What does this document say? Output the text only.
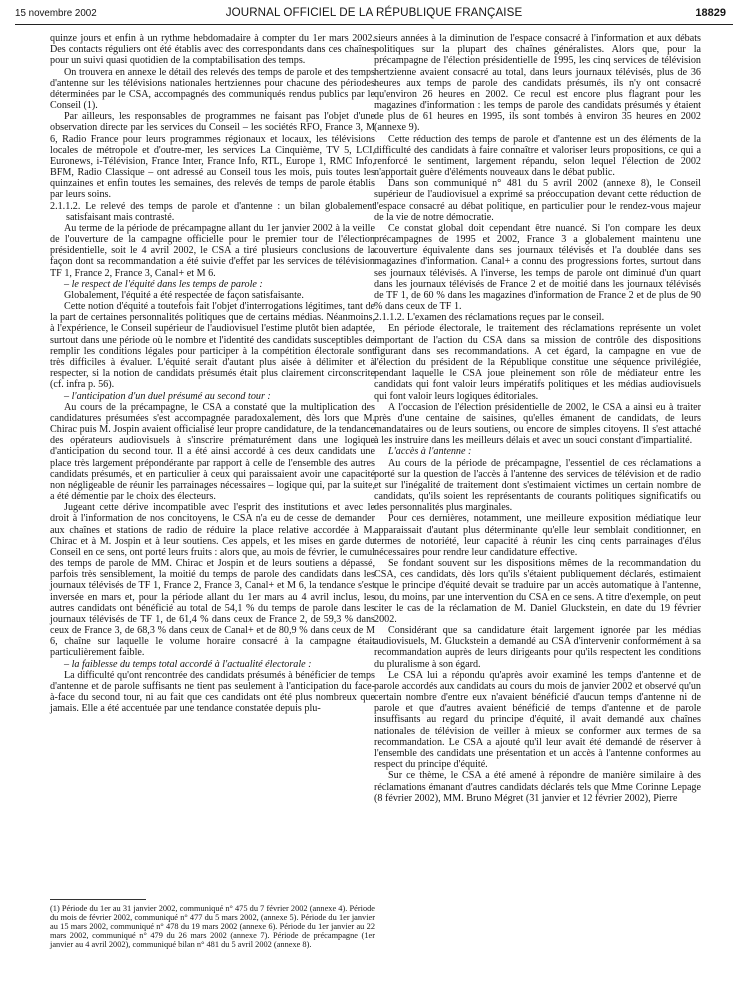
15 novembre 2002	JOURNAL OFFICIEL DE LA RÉPUBLIQUE FRANÇAISE	18829

quinze jours et enfin à un rythme hebdomadaire à compter du 1er mars 2002. Des contacts réguliers ont été établis avec des correspondants dans ces chaînes pour un suivi quasi quotidien de la comptabilisation des temps.

On trouvera en annexe le détail des relevés des temps de parole et des temps d'antenne sur les télévisions nationales hertziennes pour chacune des périodes déterminées par le CSA, accompagnés des communiqués rendus publics par le Conseil (1).

Par ailleurs, les responsables de programmes ne faisant pas l'objet d'une observation directe par les services du Conseil – les sociétés RFO, France 3, M 6, Radio France pour leurs programmes régionaux et locaux, les télévisions locales de métropole et d'outre-mer, les services La Cinquième, TV 5, LCI, Euronews, i-Télévision, France Inter, France Info, RTL, Europe 1, RMC Info, BFM, Radio Classique – ont adressé au Conseil tous les mois, puis toutes les quinzaines et enfin toutes les semaines, des relevés de temps de parole établis par leurs soins.

2.1.1.2. Le relevé des temps de parole et d'antenne : un bilan globalement satisfaisant mais contrasté.

Au terme de la période de précampagne allant du 1er janvier 2002 à la veille de l'ouverture de la campagne officielle pour le premier tour de l'élection présidentielle, soit le 4 avril 2002, le CSA a tiré plusieurs conclusions de la façon dont sa recommandation a été suivie d'effet par les services de télévision TF 1, France 2, France 3, Canal+ et M 6.

– le respect de l'équité dans les temps de parole :

Globalement, l'équité a été respectée de façon satisfaisante.

Cette notion d'équité a toutefois fait l'objet d'interrogations légitimes, tant de la part de certaines personnalités politiques que de certains médias. Néanmoins, à l'expérience, le Conseil supérieur de l'audiovisuel l'estime plutôt bien adaptée, surtout dans une période où le nombre et l'identité des candidats susceptibles de remplir les conditions légales pour participer à la compétition électorale sont très difficiles à évaluer. L'équité serait d'autant plus aisée à délimiter et à respecter, si la notion de candidats présumés était plus clairement circonscrite (cf. infra p. 56).

– l'anticipation d'un duel présumé au second tour :

Au cours de la précampagne, le CSA a constaté que la multiplication des candidatures présumées s'est accompagnée paradoxalement, dès lors que M. Chirac puis M. Jospin avaient officialisé leur propre candidature, de la tendance des opérateurs audiovisuels à s'inscrire prématurément dans une logique d'anticipation du second tour. Il a été ainsi accordé à ces deux candidats une place très largement prépondérante par rapport à celle de l'ensemble des autres candidats présumés, et en particulier à ceux qui paraissaient avoir une capacité non négligeable de réunir les parrainages nécessaires – logique qui, par la suite, a été démentie par le choix des électeurs.

Jugeant cette dérive incompatible avec l'esprit des institutions et avec le droit à l'information de nos concitoyens, le CSA n'a eu de cesse de demander aux chaînes et stations de radio de réduire la place relative accordée à M. Chirac et à M. Jospin et à leur soutiens. Ces appels, et les mises en garde du Conseil en ce sens, ont porté leurs fruits : alors que, au mois de février, le cumul des temps de parole de MM. Chirac et Jospin et de leurs soutiens a dépassé, parfois très sensiblement, la moitié du temps de parole des candidats dans les journaux télévisés de TF 1, France 2, France 3, Canal+ et M 6, la tendance s'est inversée en mars et, pour la période allant du 1er mars au 4 avril inclus, les autres candidats ont bénéficié au total de 54,1 % du temps de parole dans les journaux télévisés de TF 1, de 61,4 % dans ceux de France 2, de 59,3 % dans ceux de France 3, de 68,3 % dans ceux de Canal+ et de 80,9 % dans ceux de M 6, chaîne sur laquelle le volume horaire consacré à la campagne était particulièrement faible.

– la faiblesse du temps total accordé à l'actualité électorale :

La difficulté qu'ont rencontrée des candidats présumés à bénéficier de temps d'antenne et de parole suffisants ne tient pas seulement à l'anticipation du face-à-face du second tour, ni au fait que ces candidats ont été plus nombreux que jamais. Elle a été accentuée par une tendance constatée depuis plu-

sieurs années à la diminution de l'espace consacré à l'information et aux débats politiques sur la plupart des chaînes généralistes. Alors que, pour la précampagne de l'élection présidentielle de 1995, les cinq services de télévision hertzienne avaient consacré au total, dans leurs journaux télévisés, plus de 36 heures aux temps de parole des candidats présumés, ils n'y ont consacré qu'environ 26 heures en 2002. Ce recul est encore plus flagrant pour les magazines d'information : les temps de parole des candidats présumés y étaient de plus de 61 heures en 1995, ils sont tombés à environ 35 heures en 2002 (annexe 9).

Cette réduction des temps de parole et d'antenne est un des éléments de la difficulté des candidats à faire connaître et valoriser leurs propositions, ce qui a renforcé le sentiment, largement répandu, selon lequel l'élection de 2002 n'apportait guère d'éléments nouveaux dans le débat public.

Dans son communiqué n° 481 du 5 avril 2002 (annexe 8), le Conseil supérieur de l'audiovisuel a exprimé sa préoccupation devant cette réduction de l'espace consacré au débat politique, en particulier pour le rendez-vous majeur de la vie de notre démocratie.

Ce constat global doit cependant être nuancé. Si l'on compare les deux précampagnes de 1995 et 2002, France 3 a globalement maintenu une couverture équivalente dans ses journaux télévisés et l'a doublée dans ses magazines d'information. Canal+ a connu des progressions fortes, surtout dans ses journaux télévisés. A l'inverse, les temps de parole ont diminué d'un quart dans les journaux télévisés de France 2 et de moitié dans les journaux télévisés de TF 1, de 60 % dans les magazines d'information de France 2 et de plus de 90 % dans ceux de TF 1.

2.1.1.2. L'examen des réclamations reçues par le conseil.

En période électorale, le traitement des réclamations représente un volet important de l'action du CSA dans sa mission de contrôle des dispositions figurant dans ses recommandations. A cet égard, la campagne en vue de l'élection du président de la République constitue une séquence privilégiée, pendant laquelle le CSA joue pleinement son rôle de médiateur entre les candidats qui font valoir leurs impératifs politiques et les médias audiovisuels qui font valoir leurs logiques éditoriales.

A l'occasion de l'élection présidentielle de 2002, le CSA a ainsi eu à traiter près d'une centaine de saisines, qu'elles émanent de candidats, de leurs mandataires ou de leurs soutiens, ou encore de simples citoyens. Il s'est attaché à les instruire dans les meilleurs délais et avec un souci constant d'impartialité.

L'accès à l'antenne :

Au cours de la période de précampagne, l'essentiel de ces réclamations a porté sur la question de l'accès à l'antenne des services de télévision et de radio et sur l'inégalité de traitement dont s'estimaient victimes un certain nombre de candidats, qu'ils soient les représentants de courants politiques significatifs ou des personnalités plus marginales.

Pour ces dernières, notamment, une meilleure exposition médiatique leur apparaissait d'autant plus déterminante qu'elle leur semblait conditionner, en termes de notoriété, leur capacité à réunir les cinq cents parrainages d'élus nécessaires pour rendre leur candidature effective.

Se fondant souvent sur les dispositions mêmes de la recommandation du CSA, ces candidats, dès lors qu'ils s'étaient publiquement déclarés, estimaient que le principe d'équité devait se traduire par un accès automatique à l'antenne, ou, du moins, par une intervention du CSA en ce sens. A titre d'exemple, on peut citer le cas de la réclamation de M. Daniel Gluckstein, en date du 19 février 2002.

Considérant que sa candidature était largement ignorée par les médias audiovisuels, M. Gluckstein a demandé au CSA d'intervenir conformément à sa recommandation auprès de leurs dirigeants pour qu'ils respectent les conditions du pluralisme à son égard.

Le CSA lui a répondu qu'après avoir examiné les temps d'antenne et de parole accordés aux candidats au cours du mois de janvier 2002 et observé qu'un certain nombre d'entre eux n'avaient bénéficié d'aucun temps d'antenne ni de parole et que d'autres avaient bénéficié de temps d'antenne et de parole insuffisants au regard du principe d'équité, il avait demandé aux chaînes nationales de télévision de veiller à mieux se conformer aux termes de sa recommandation. Le CSA a ajouté qu'il leur avait été demandé de réserver à l'ensemble des candidats une présentation et un accès à l'antenne conformes au respect du principe d'équité.

Sur ce thème, le CSA a été amené à répondre de manière similaire à des réclamations émanant d'autres candidats déclarés tels que Mme Corinne Lepage (8 février 2002), MM. Bruno Mégret (31 janvier et 12 février 2002), Pierre

(1) Période du 1er au 31 janvier 2002, communiqué n° 475 du 7 février 2002 (annexe 4). Période du mois de février 2002, communiqué n° 477 du 5 mars 2002, (annexe 5). Période du 1er janvier au 15 mars 2002, communiqué n° 478 du 19 mars 2002 (annexe 6). Période du 1er janvier au 22 mars 2002, communiqué n° 479 du 26 mars 2002 (annexe 7). Période de précampagne (1er janvier au 4 avril 2002), communiqué bilan n° 481 du 5 avril 2002 (annexe 8).
